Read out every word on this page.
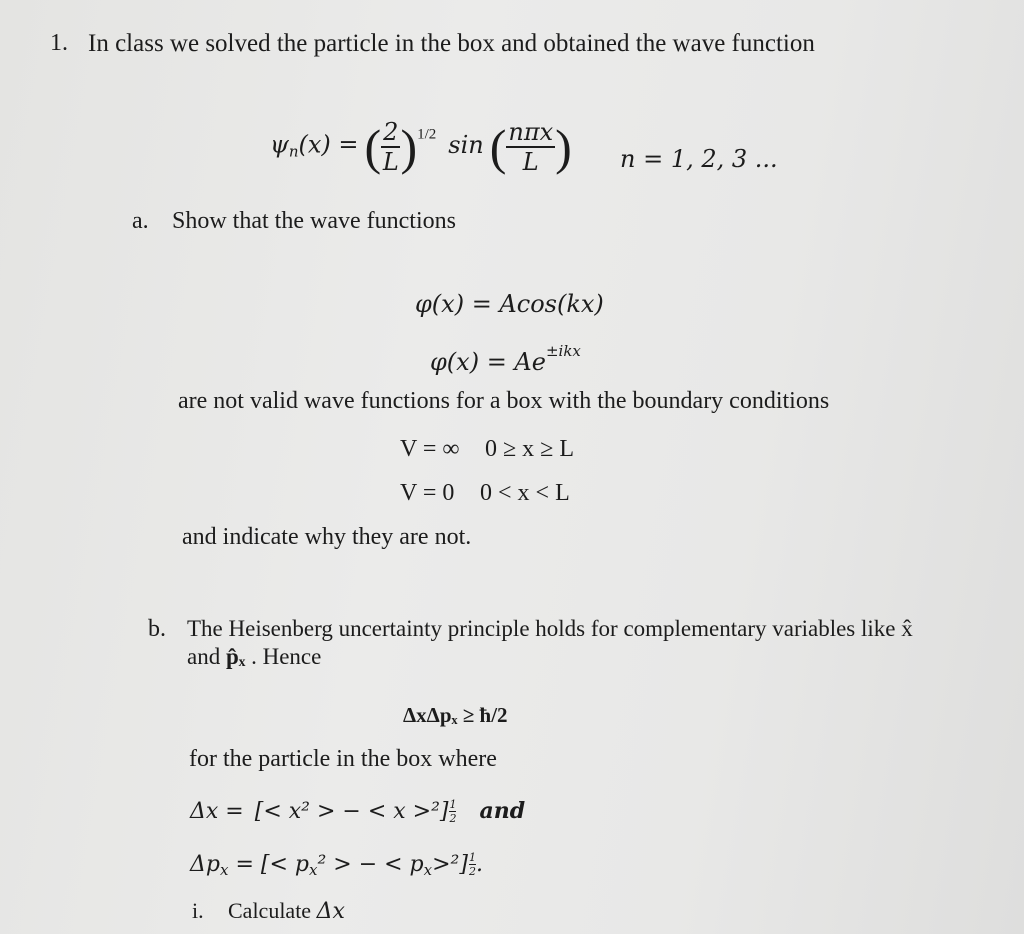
1. In class we solved the particle in the box and obtained the wave function
$\psi_n(x)$ = ( $\frac{2}{L} )^{1/2}$ sin ( $\frac{\text{nπx}}{L}$ ) n = 1, 2, 3 ...
a. Show that the wave functions
φ(x) = Acos(kx)
$\varphi(x) = Ae^{\pm ikx}$
are not valid wave functions for a box with the boundary conditions
V = ∞ 0 ≥ x ≥ L
V = 0 0 < x < L
and indicate why they are not.
b. The Heisenberg uncertainty principle holds for complementary variables like x̂
and p̂ₓ . Hence
ΔxΔpₓ ≥ ħ/2
for the particle in the box where
Δx = [< x² > − < $x >^2] \frac{1}{2}$ and
$\Delta p_x$ = [< $p_x^2$ > − < $p_x>^2] \frac{1}{2}$ .
i. Calculate Δx
